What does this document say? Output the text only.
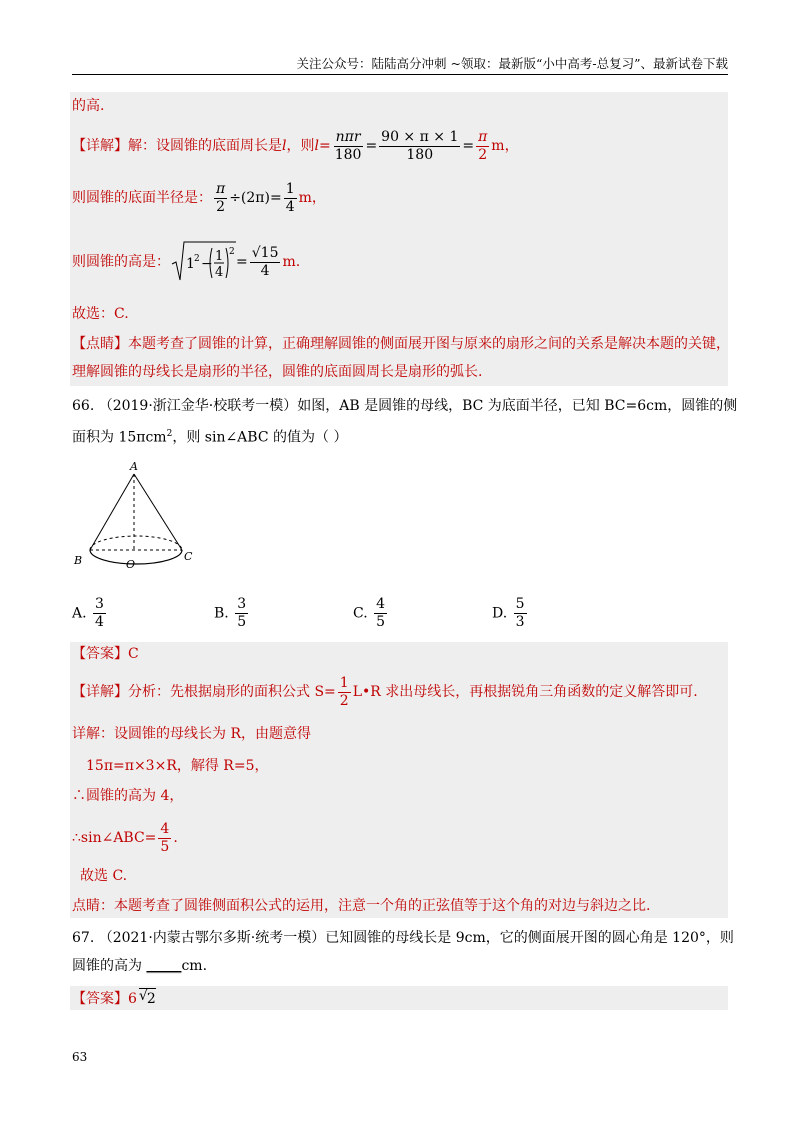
关注公众号：陆陆高分冲刺 ~领取：最新版“小中高考-总复习”、最新试卷下载
的高.
【详解】解：设圆锥的底面周长是l，则l=
nπr
180
= $\frac{90 \times \pi \times 1}{180} = \frac{\pi}{2}$ m，
则圆锥的底面半径是： $\frac{\pi}{2} \div(2\pi)= \frac{1}{4}$ m，
则圆锥的高是： 1 2 − 1
4
2
= $\frac{√15}{4} m$.
故选：C.
【点睛】本题考查了圆锥的计算，正确理解圆锥的侧面展开图与原来的扇形之间的关系是解决本题的关键，
理解圆锥的母线长是扇形的半径，圆锥的底面圆周长是扇形的弧长.
66. （2019·浙江金华·校联考一模）如图，AB 是圆锥的母线，BC 为底面半径，已知 BC=6cm，圆锥的侧
面积为 15πcm$^2$，则 sin∠ABC 的值为（ ）
A
B	C
O
A. $\frac{3}{4}$	B. $\frac{3}{5}$	C. $\frac{4}{5}$	D. $\frac{5}{3}$
【答案】C
【详解】分析：先根据扇形的面积公式 $S= \frac{1}{2}$ L•R 求出母线长，再根据锐角三角函数的定义解答即可.
详解：设圆锥的母线长为 R，由题意得
15π=π×3×R，解得 R=5，
∴圆锥的高为 4，
∴sin∠ABC= $\frac{4}{5}$ .
故选 C.
点睛：本题考查了圆锥侧面积公式的运用，注意一个角的正弦值等于这个角的对边与斜边之比.
67. （2021·内蒙古鄂尔多斯·统考一模）已知圆锥的母线长是 9cm，它的侧面展开图的圆心角是 120°，则
圆锥的高为 _____cm.
【答案】6 √ 2
63
